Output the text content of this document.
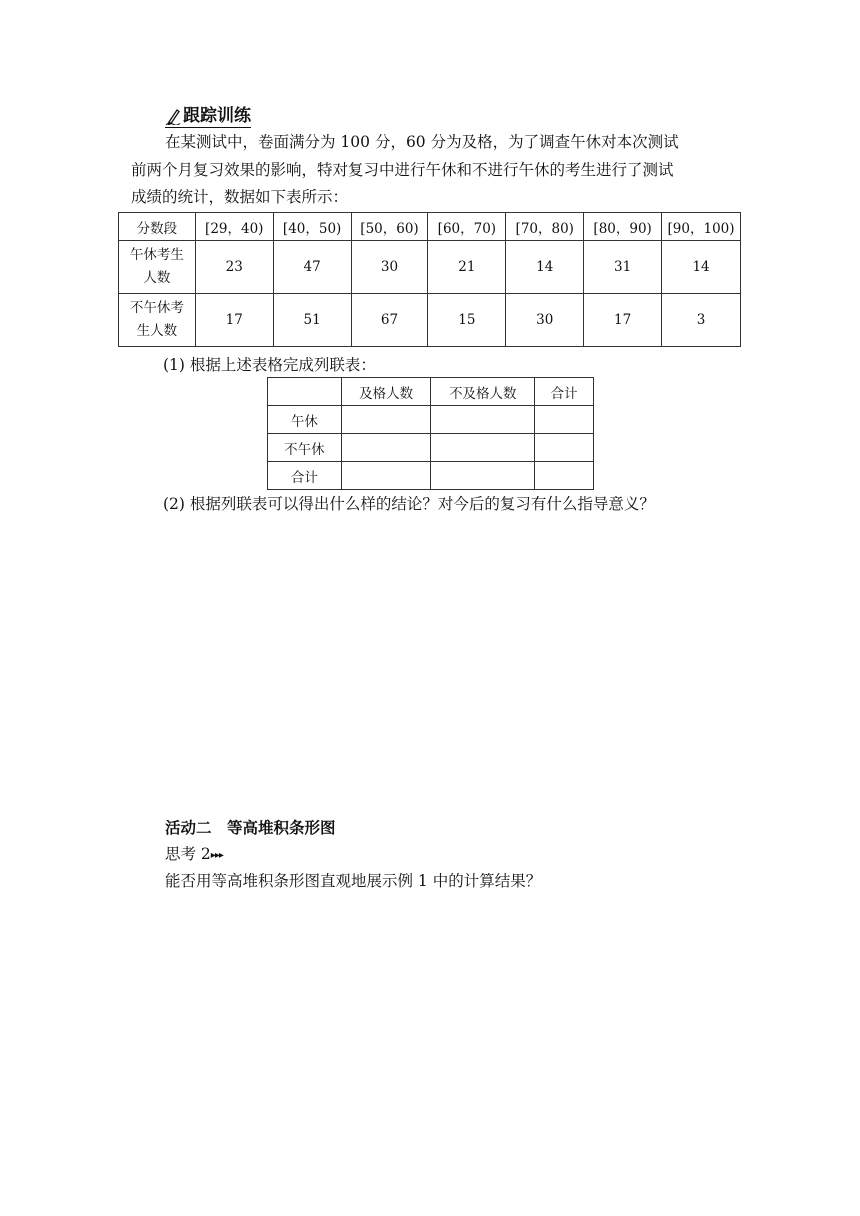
跟踪训练
在某测试中，卷面满分为 100 分，60 分为及格，为了调查午休对本次测试
前两个月复习效果的影响，特对复习中进行午休和不进行午休的考生进行了测试
成绩的统计，数据如下表所示：
分数段	[29，40)	[40，50)	[50，60)	[60，70)	[70，80)	[80，90)	[90，100)

午休考生
人数	23	47	30	21	14	31	14

不午休考
生人数	17	51	67	15	30	17	3
(1) 根据上述表格完成列联表：
	及格人数	不及格人数	合计
午休			
不午休			
合计			
(2) 根据列联表可以得出什么样的结论？对今后的复习有什么指导意义？
活动二　等高堆积条形图
思考 2▸▸▸
能否用等高堆积条形图直观地展示例 1 中的计算结果？
